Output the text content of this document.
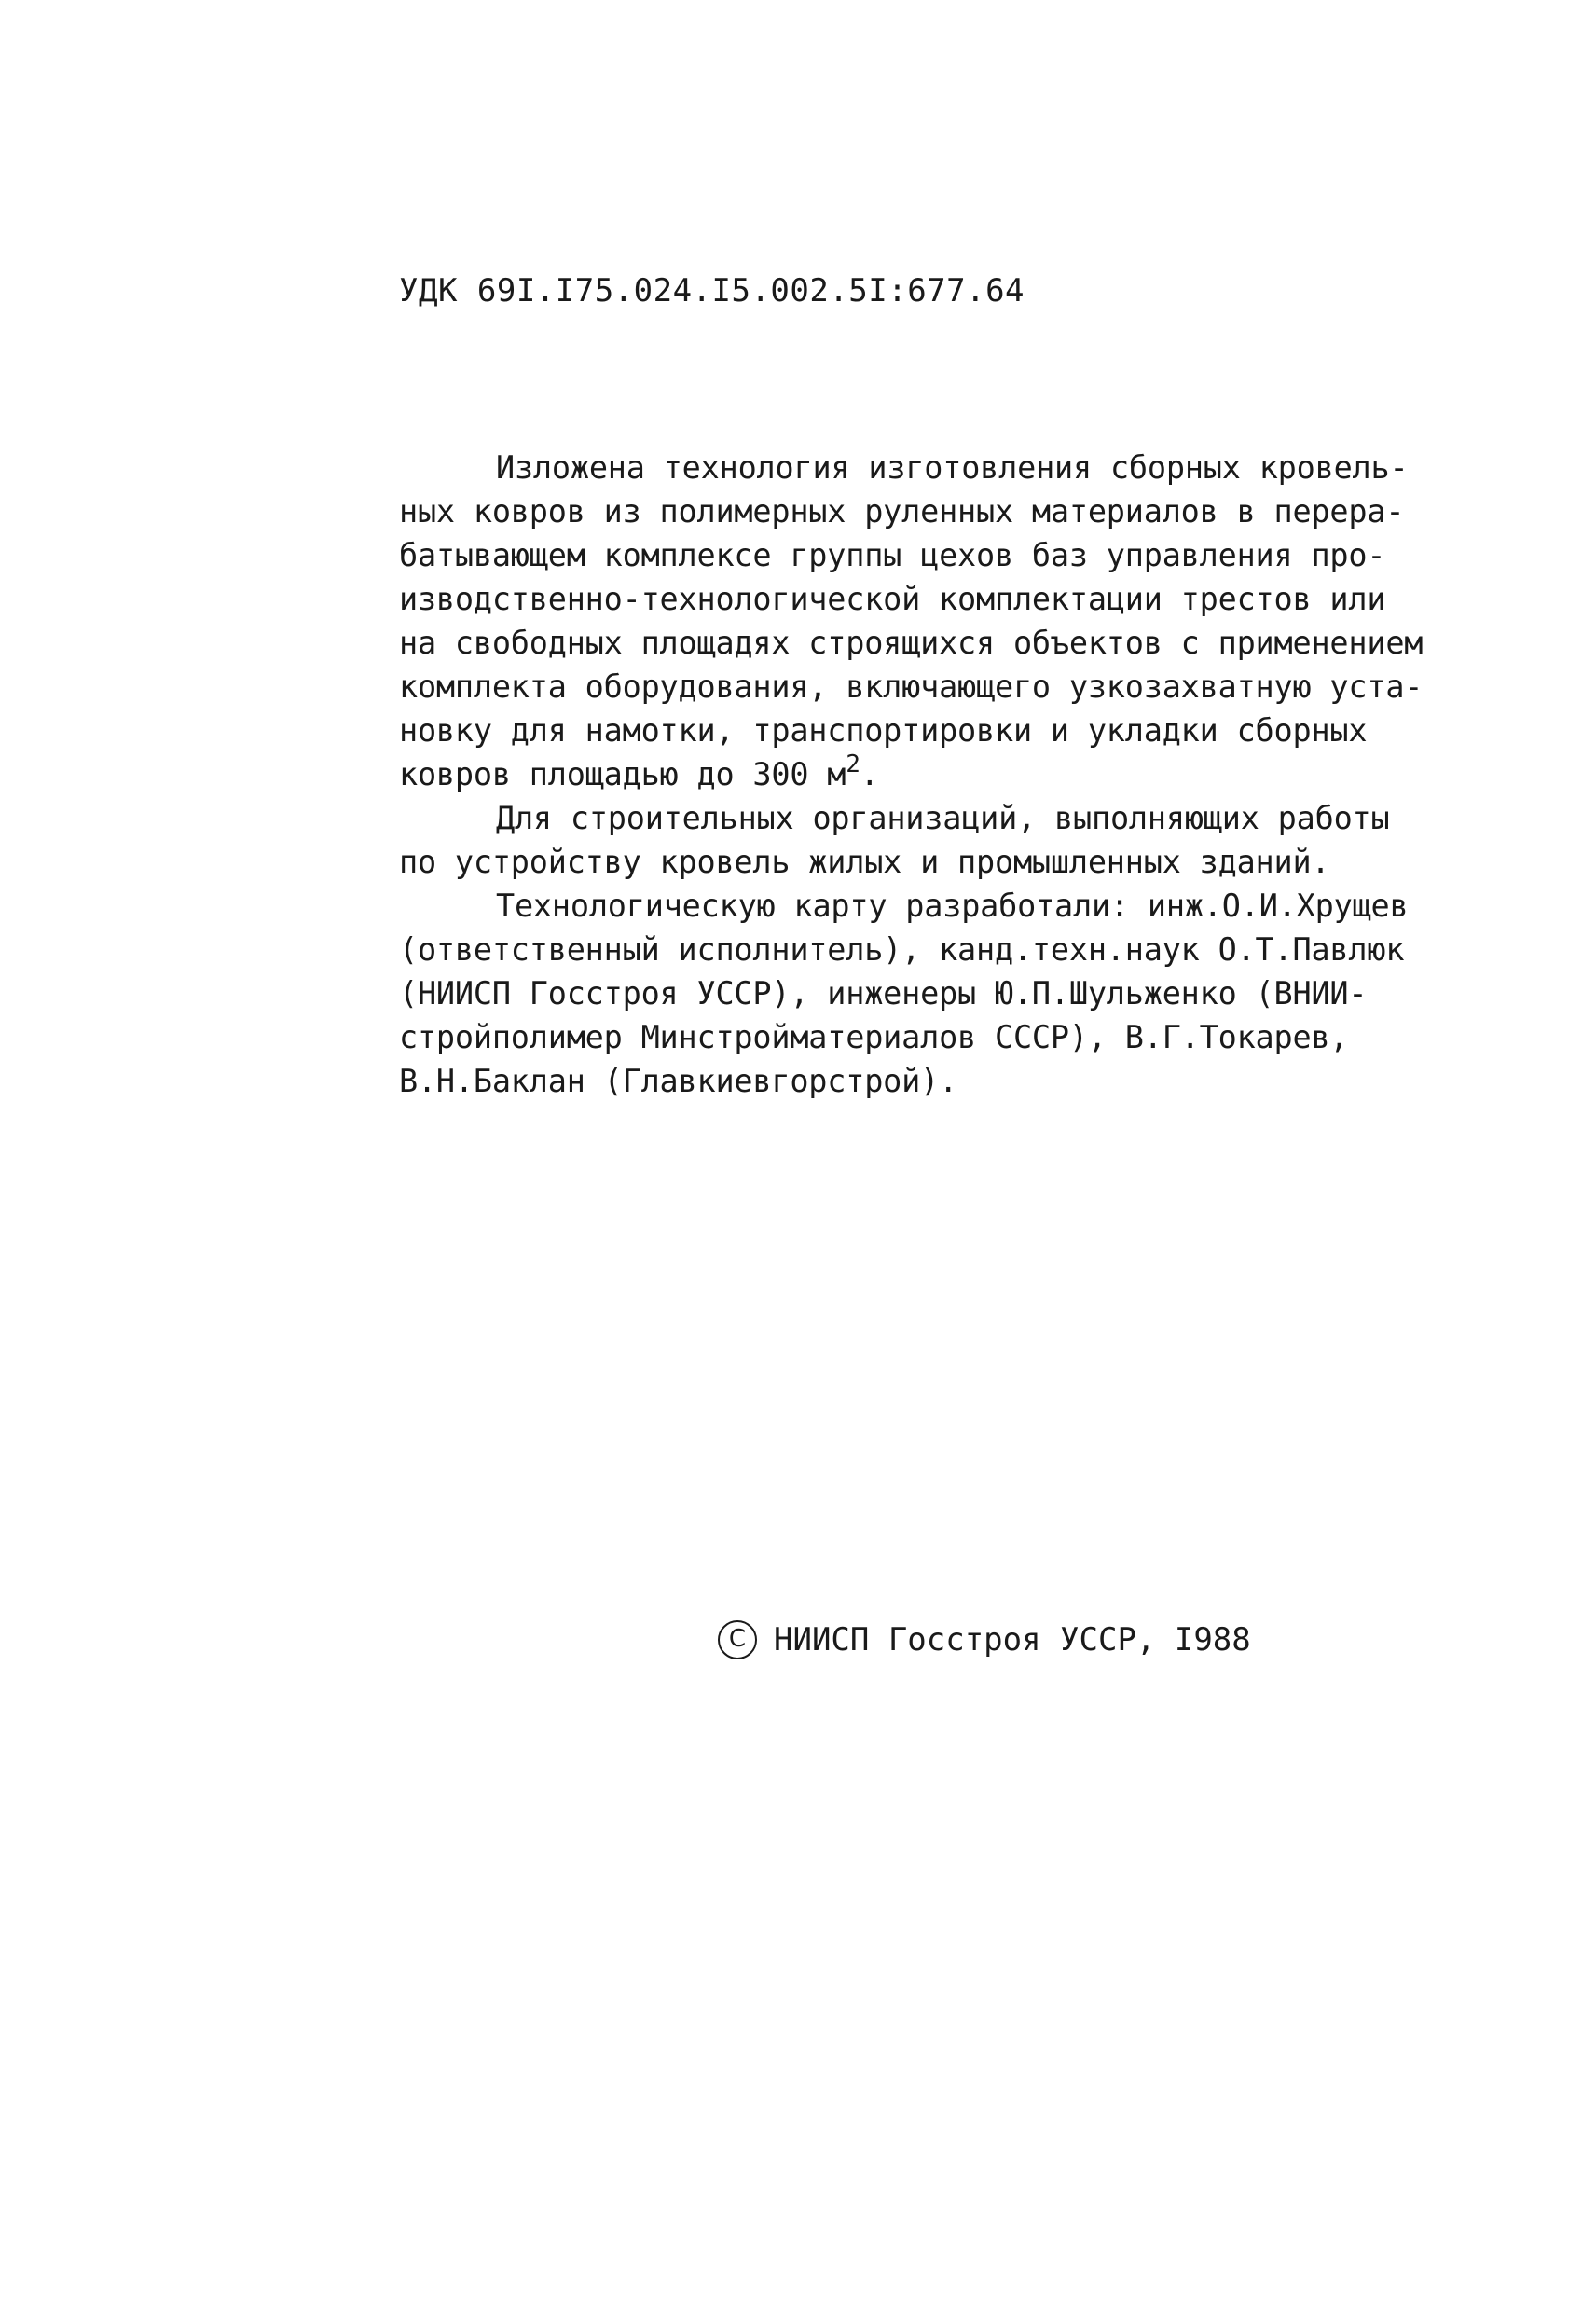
УДК 69I.I75.024.I5.002.5I:677.64
Изложена технология изготовления сборных кровель-
ных ковров из полимерных руленных материалов в перера-
батывающем комплексе группы цехов баз управления про-
изводственно-технологической комплектации трестов или
на свободных площадях строящихся объектов с применением
комплекта оборудования, включающего узкозахватную уста-
новку для намотки, транспортировки и укладки сборных
ковров площадью до 300 $м^2$.
Для строительных организаций, выполняющих работы
по устройству кровель жилых и промышленных зданий.
Технологическую карту разработали: инж.О.И.Хрущев
(ответственный исполнитель), канд.техн.наук О.Т.Павлюк
(НИИСП Госстроя УССР), инженеры Ю.П.Шульженко (ВНИИ-
стройполимер Минстройматериалов СССР), В.Г.Токарев,
В.Н.Баклан (Главкиевгорстрой).
C НИИСП Госстроя УССР, I988
